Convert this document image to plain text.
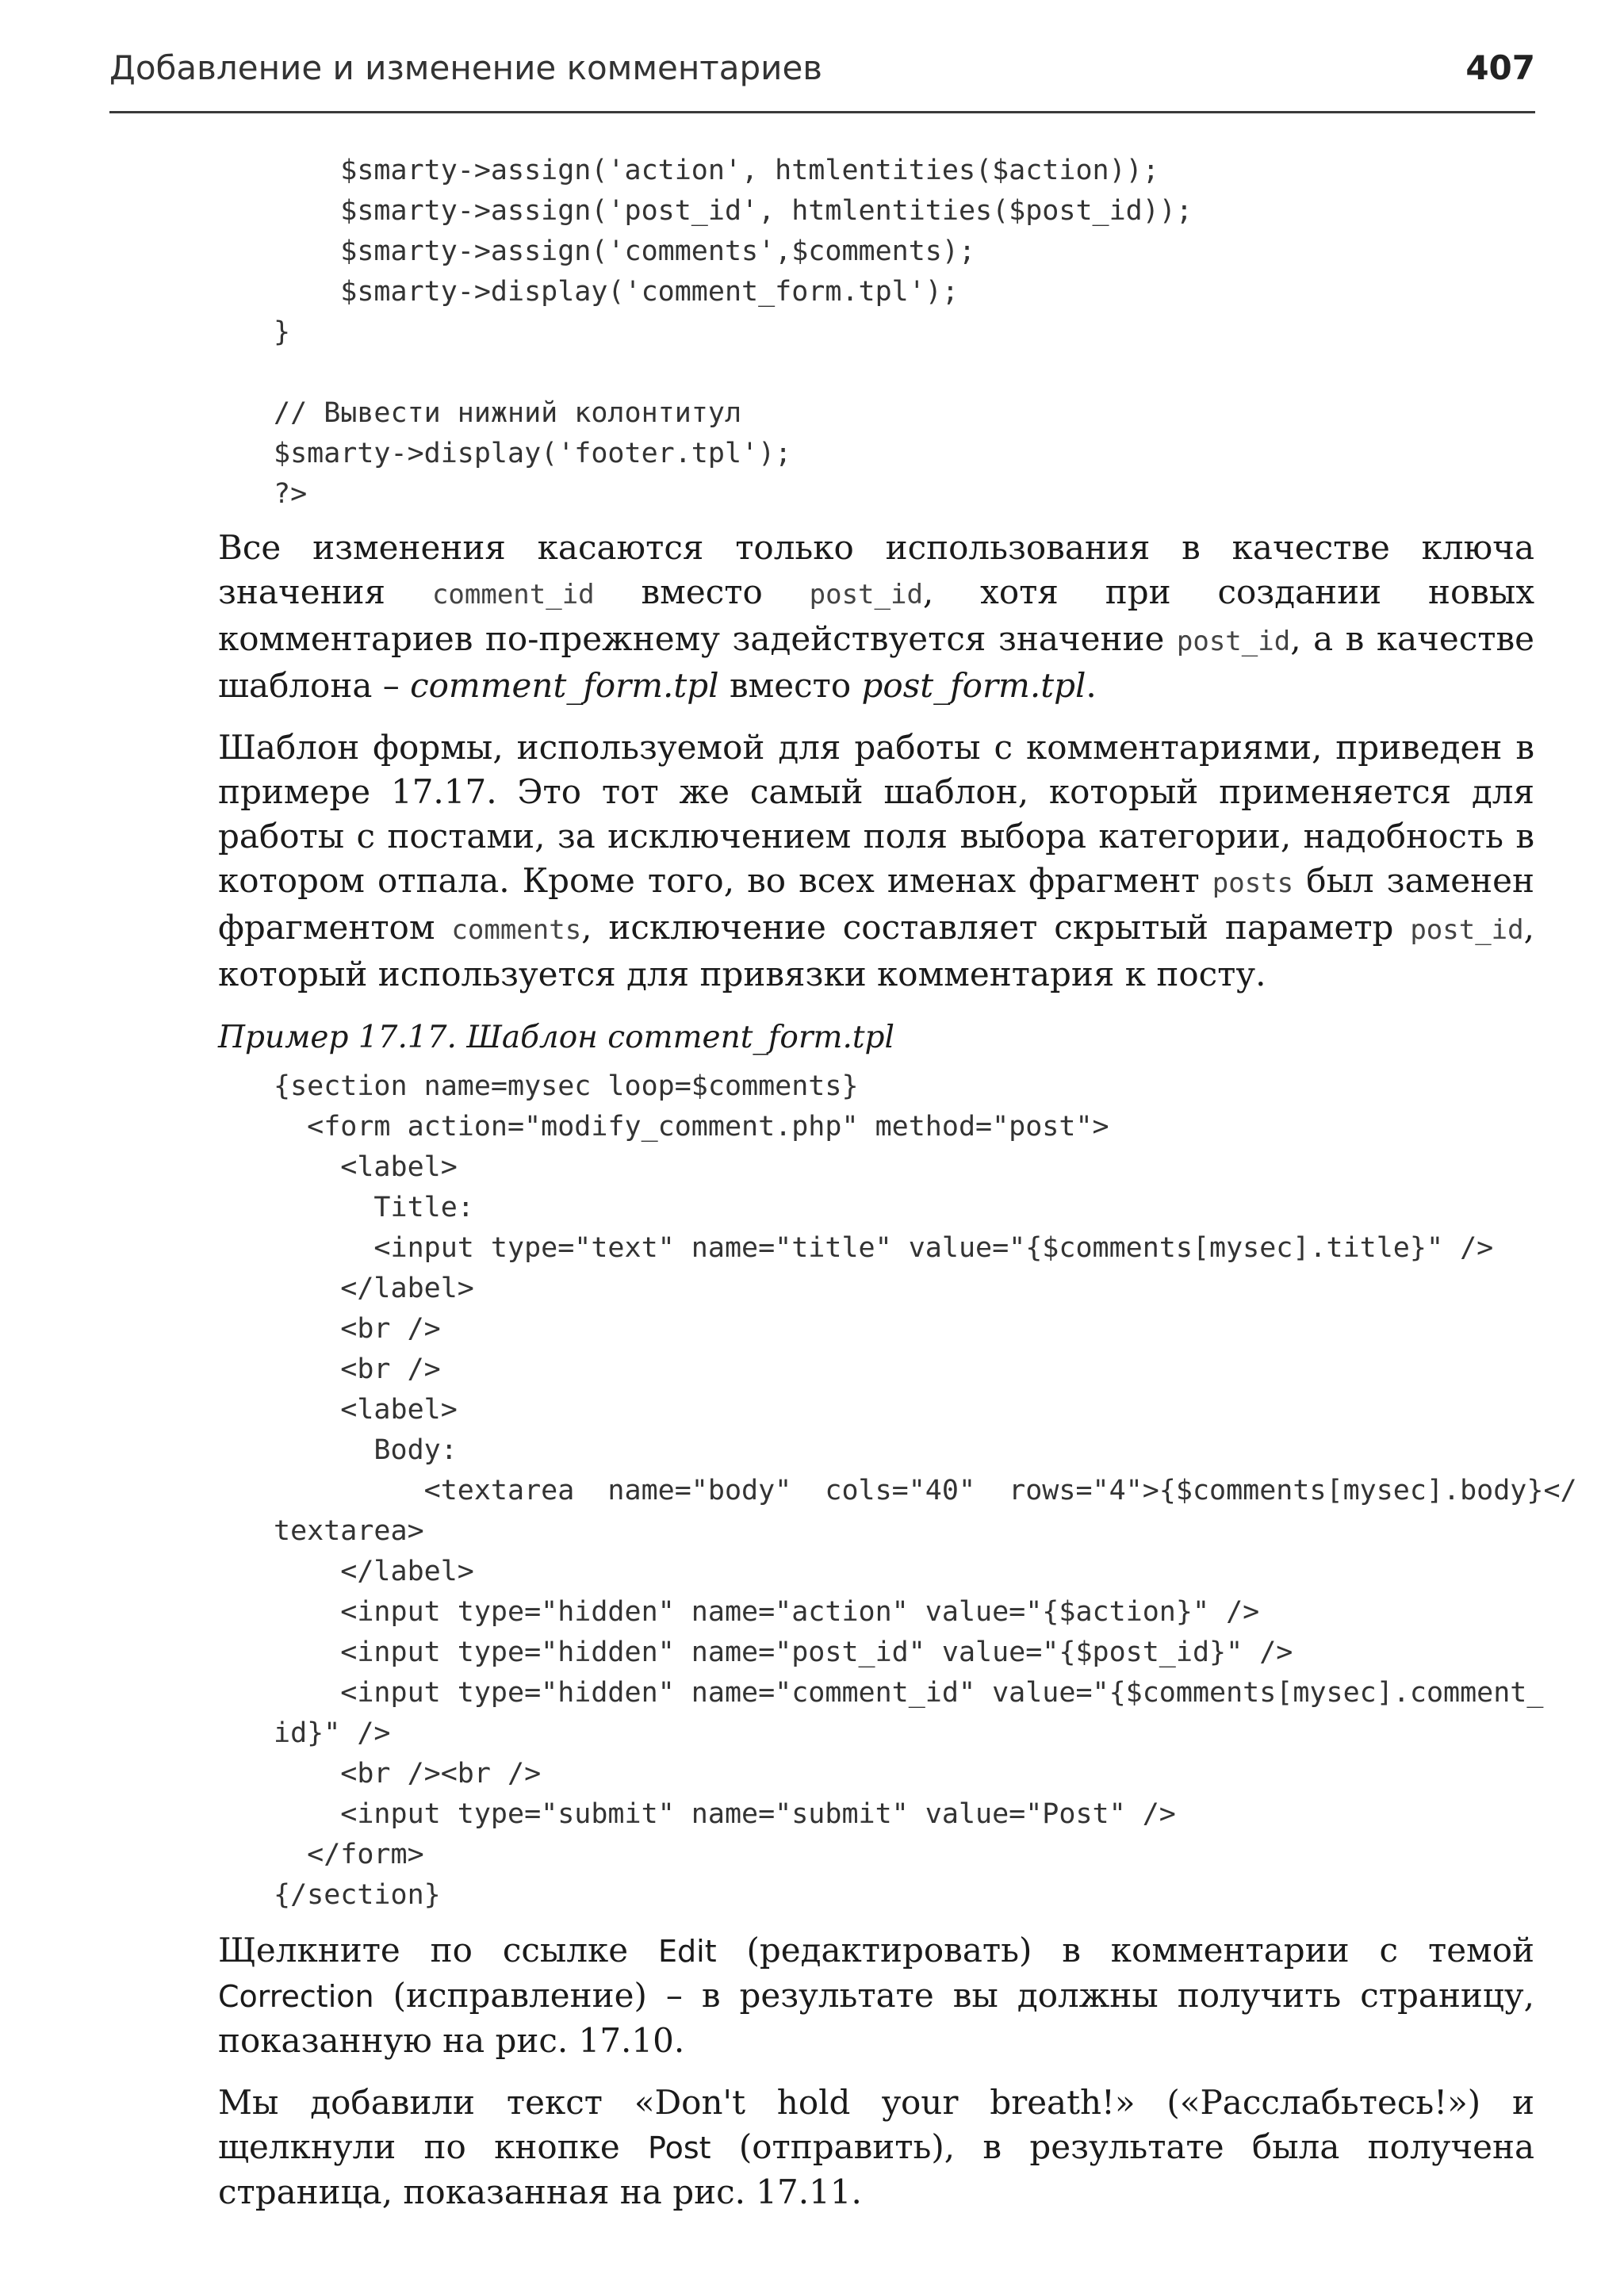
Добавление и изменение комментариев	407
$smarty->assign('action', htmlentities($action));
$smarty->assign('post_id', htmlentities($post_id));
$smarty->assign('comments',$comments);
$smarty->display('comment_form.tpl');
}

// Вывести нижний колонтитул
$smarty->display('footer.tpl');
?>

Все изменения касаются только использования в качестве ключа значения comment_id вместо post_id, хотя при создании новых комментариев по-прежнему задействуется значение post_id, а в качестве шаблона – comment_form.tpl вместо post_form.tpl.

Шаблон формы, используемой для работы с комментариями, приведен в примере 17.17. Это тот же самый шаблон, который применяется для работы с постами, за исключением поля выбора категории, надобность в котором отпала. Кроме того, во всех именах фрагмент posts был заменен фрагментом comments, исключение составляет скрытый параметр post_id, который используется для привязки комментария к посту.

Пример 17.17. Шаблон comment_form.tpl

{section name=mysec loop=$comments}
<form action="modify_comment.php" method="post">
<label>
Title:
<input type="text" name="title" value="{$comments[mysec].title}" />
</label>
<br />
<br />
<label>
Body:
<textarea  name="body"  cols="40"  rows="4">{$comments[mysec].body}</
textarea>
</label>
<input type="hidden" name="action" value="{$action}" />
<input type="hidden" name="post_id" value="{$post_id}" />
<input type="hidden" name="comment_id" value="{$comments[mysec].comment_
id}" />
<br /><br />
<input type="submit" name="submit" value="Post" />
</form>
{/section}

Щелкните по ссылке Edit (редактировать) в комментарии с темой Correction (исправление) – в результате вы должны получить страницу, показанную на рис. 17.10.

Мы добавили текст «Don't hold your breath!» («Расслабьтесь!») и щелкнули по кнопке Post (отправить), в результате была получена страница, показанная на рис. 17.11.
